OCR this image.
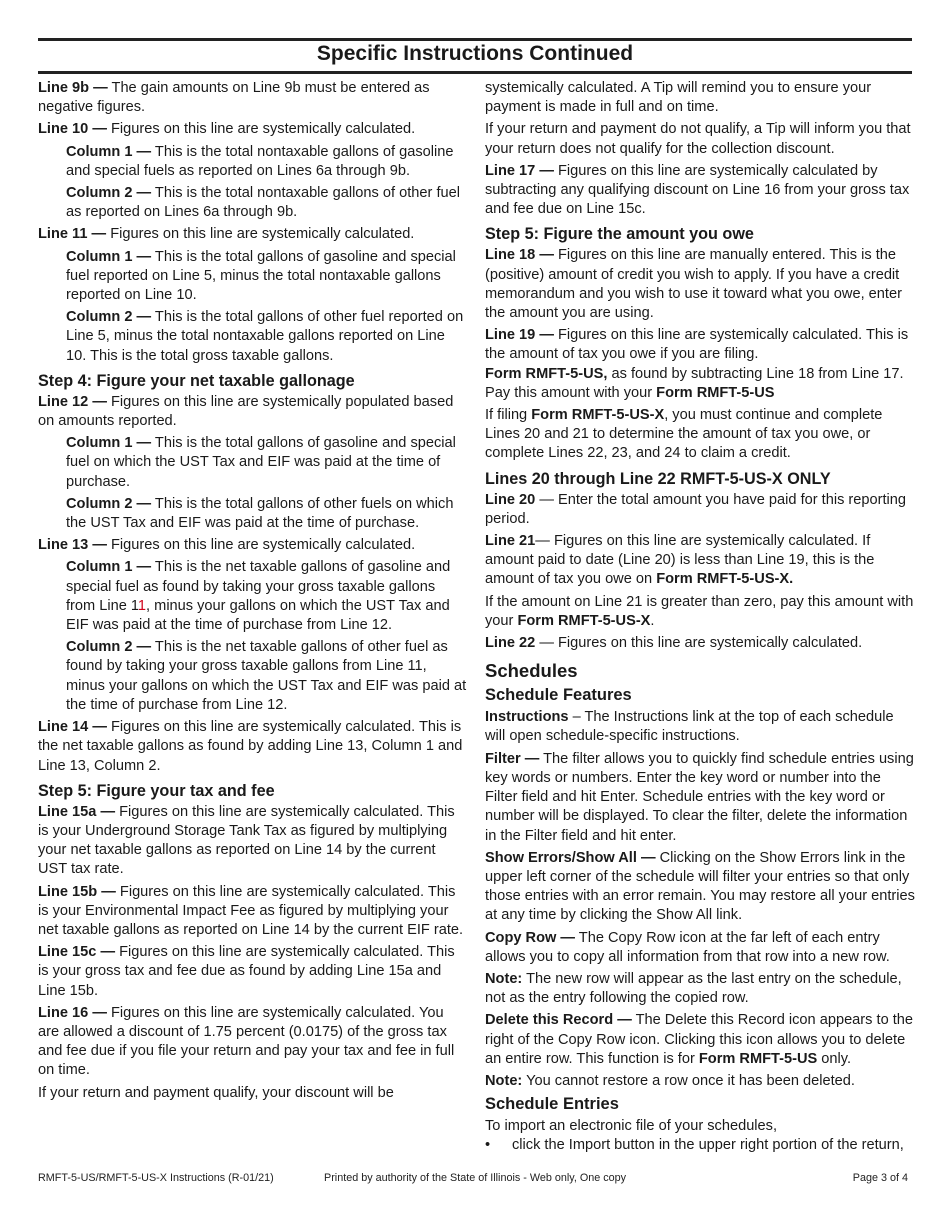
Specific Instructions Continued

Line 9b — The gain amounts on Line 9b must be entered as negative figures.

Line 10 — Figures on this line are systemically calculated.

Column 1 — This is the total nontaxable gallons of gasoline and special fuels as reported on Lines 6a through 9b.

Column 2 — This is the total nontaxable gallons of other fuel as reported on Lines 6a through 9b.

Line 11 — Figures on this line are systemically calculated.

Column 1 — This is the total gallons of gasoline and special fuel reported on Line 5, minus the total nontaxable gallons reported on Line 10.

Column 2 — This is the total gallons of other fuel reported on Line 5, minus the total nontaxable gallons reported on Line 10. This is the total gross taxable gallons.

Step 4: Figure your net taxable gallonage

Line 12 — Figures on this line are systemically populated based on amounts reported.

Column 1 — This is the total gallons of gasoline and special fuel on which the UST Tax and EIF was paid at the time of purchase.

Column 2 — This is the total gallons of other fuels on which the UST Tax and EIF was paid at the time of purchase.

Line 13 — Figures on this line are systemically calculated.

Column 1 — This is the net taxable gallons of gasoline and special fuel as found by taking your gross taxable gallons from Line 11, minus your gallons on which the UST Tax and EIF was paid at the time of purchase from Line 12.

Column 2 — This is the net taxable gallons of other fuel as found by taking your gross taxable gallons from Line 11, minus your gallons on which the UST Tax and EIF was paid at the time of purchase from Line 12.

Line 14 — Figures on this line are systemically calculated. This is the net taxable gallons as found by adding Line 13, Column 1 and Line 13, Column 2.

Step 5: Figure your tax and fee

Line 15a — Figures on this line are systemically calculated. This is your Underground Storage Tank Tax as figured by multiplying your net taxable gallons as reported on Line 14 by the current UST tax rate.

Line 15b — Figures on this line are systemically calculated. This is your Environmental Impact Fee as figured by multiplying your net taxable gallons as reported on Line 14 by the current EIF rate.

Line 15c — Figures on this line are systemically calculated. This is your gross tax and fee due as found by adding Line 15a and Line 15b.

Line 16 — Figures on this line are systemically calculated. You are allowed a discount of 1.75 percent (0.0175) of the gross tax and fee due if you file your return and pay your tax and fee in full on time.

If your return and payment qualify, your discount will be

systemically calculated. A Tip will remind you to ensure your payment is made in full and on time.

If your return and payment do not qualify, a Tip will inform you that your return does not qualify for the collection discount.

Line 17 — Figures on this line are systemically calculated by subtracting any qualifying discount on Line 16 from your gross tax and fee due on Line 15c.

Step 5: Figure the amount you owe

Line 18 — Figures on this line are manually entered. This is the (positive) amount of credit you wish to apply. If you have a credit memorandum and you wish to use it toward what you owe, enter the amount you are using.

Line 19 — Figures on this line are systemically calculated. This is the amount of tax you owe if you are filing.

Form RMFT-5-US, as found by subtracting Line 18 from Line 17. Pay this amount with your Form RMFT-5-US

If filing Form RMFT-5-US-X, you must continue and complete Lines 20 and 21 to determine the amount of tax you owe, or complete Lines 22, 23, and 24 to claim a credit.

Lines 20 through Line 22 RMFT-5-US-X ONLY

Line 20 — Enter the total amount you have paid for this reporting period.

Line 21— Figures on this line are systemically calculated. If amount paid to date (Line 20) is less than Line 19, this is the amount of tax you owe on Form RMFT-5-US-X.

If the amount on Line 21 is greater than zero, pay this amount with your Form RMFT-5-US-X.

Line 22 — Figures on this line are systemically calculated.

Schedules
Schedule Features

Instructions – The Instructions link at the top of each schedule will open schedule-specific instructions.

Filter — The filter allows you to quickly find schedule entries using key words or numbers. Enter the key word or number into the Filter field and hit Enter. Schedule entries with the key word or number will be displayed. To clear the filter, delete the information in the Filter field and hit enter.

Show Errors/Show All — Clicking on the Show Errors link in the upper left corner of the schedule will filter your entries so that only those entries with an error remain. You may restore all your entries at any time by clicking the Show All link.

Copy Row — The Copy Row icon at the far left of each entry allows you to copy all information from that row into a new row.

Note: The new row will appear as the last entry on the schedule, not as the entry following the copied row.

Delete this Record — The Delete this Record icon appears to the right of the Copy Row icon. Clicking this icon allows you to delete an entire row. This function is for Form RMFT-5-US only.

Note: You cannot restore a row once it has been deleted.

Schedule Entries

To import an electronic file of your schedules,

•	click the Import button in the upper right portion of the return,
RMFT-5-US/RMFT-5-US-X Instructions (R-01/21)	Printed by authority of the State of Illinois - Web only, One copy	Page 3 of 4
